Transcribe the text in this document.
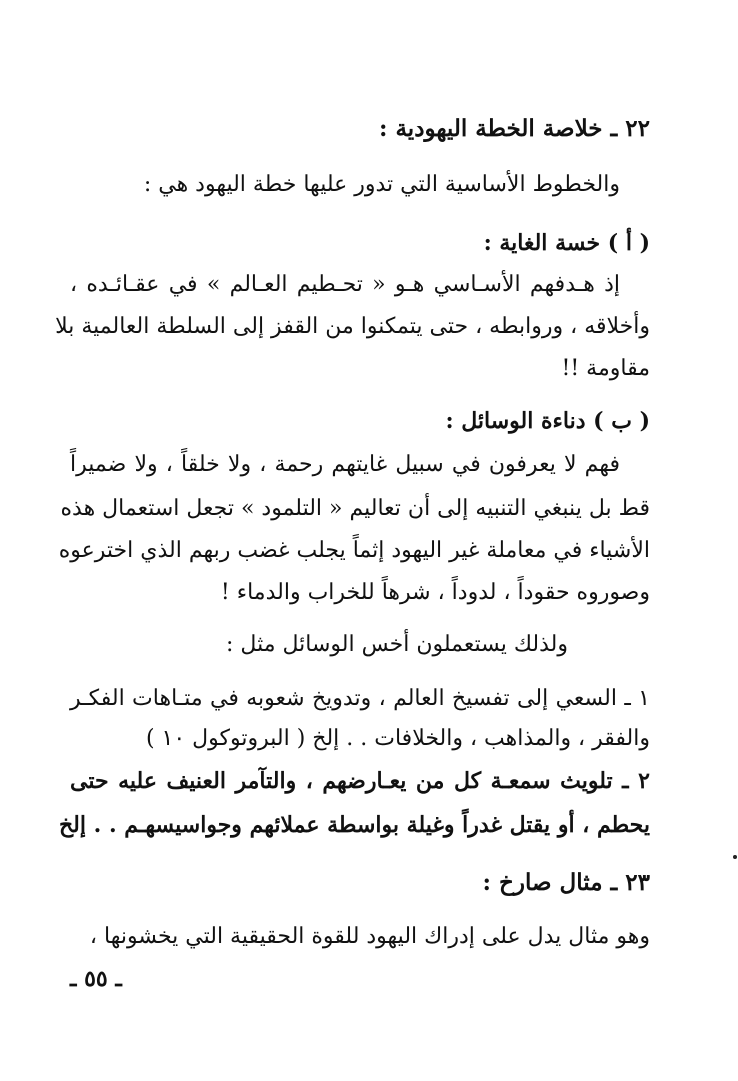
٢٢ ـ خلاصة الخطة اليهودية :
والخطوط الأساسية التي تدور عليها خطة اليهود هي :
( أ ) خسة الغاية :
إذ هـدفهم الأسـاسي هـو « تحـطيم العـالم » في عقـائـده ،
وأخلاقه ، وروابطه ، حتى يتمكنوا من القفز إلى السلطة العالمية بلا
مقاومة !!
( ب ) دناءة الوسائل :
فهم لا يعرفون في سبيل غايتهم رحمة ، ولا خلقاً ، ولا ضميراً
قط بل ينبغي التنبيه إلى أن تعاليم « التلمود » تجعل استعمال هذه
الأشياء في معاملة غير اليهود إثماً يجلب غضب ربهم الذي اخترعوه
وصوروه حقوداً ، لدوداً ، شرهاً للخراب والدماء !
ولذلك يستعملون أخس الوسائل مثل :
١ ـ السعي إلى تفسيخ العالم ، وتدويخ شعوبه في متـاهات الفكـر
والفقر ، والمذاهب ، والخلافات . . إلخ ( البروتوكول ١٠ )
٢ ـ تلويث سمعـة كل من يعـارضهم ، والتآمر العنيف عليه حتى
يحطم ، أو يقتل غدراً وغيلة بواسطة عملائهم وجواسيسهـم . . إلخ
٢٣ ـ مثال صارخ :
وهو مثال يدل على إدراك اليهود للقوة الحقيقية التي يخشونها ،
ـ ٥٥ ـ
